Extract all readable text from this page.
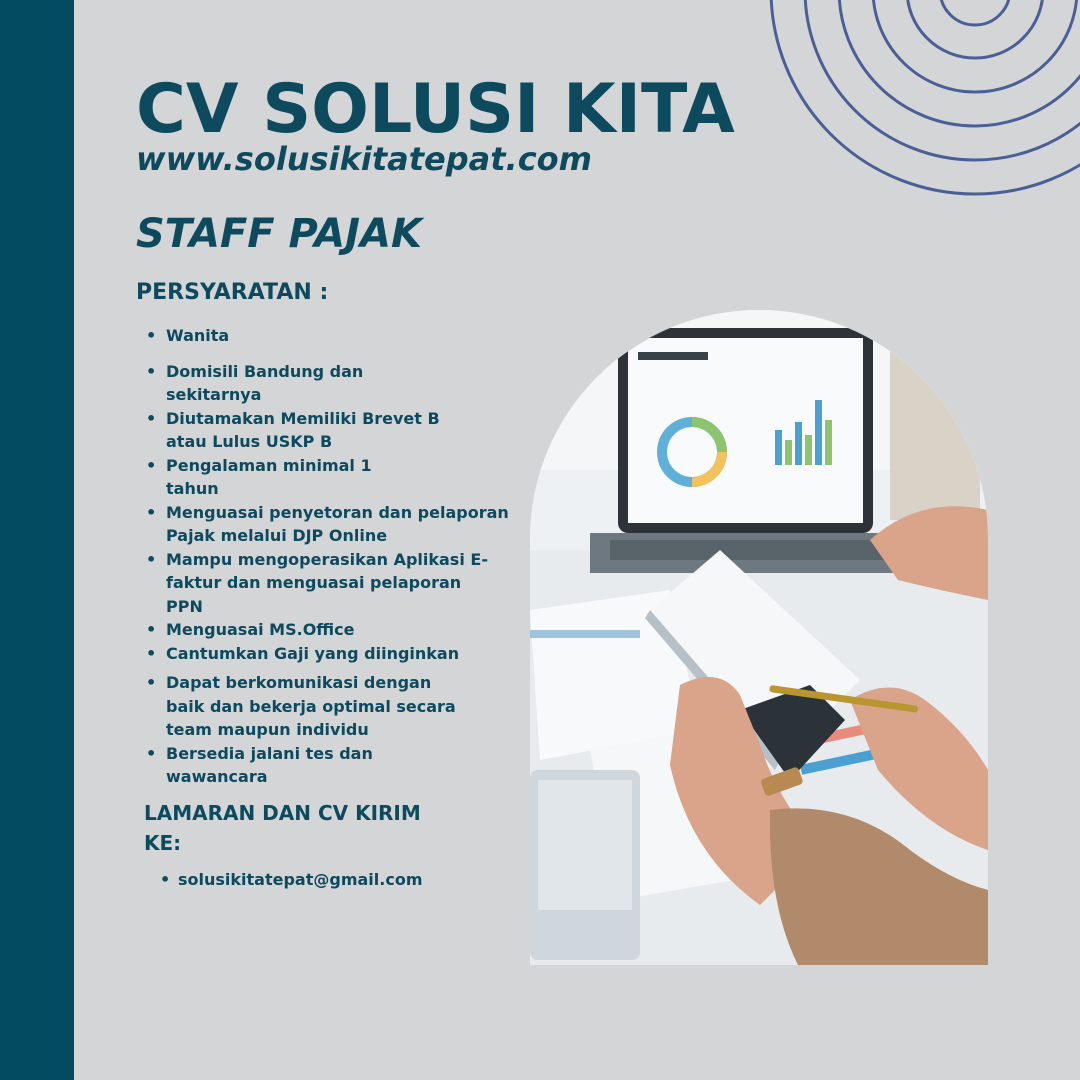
CV SOLUSI KITA
www.solusikitatepat.com
STAFF PAJAK
PERSYARATAN :
• Wanita
• Domisili Bandung dan sekitarnya
• Diutamakan Memiliki Brevet B atau Lulus USKP B
• Pengalaman minimal 1 tahun
• Menguasai penyetoran dan pelaporan Pajak melalui DJP Online
• Mampu mengoperasikan Aplikasi E-faktur dan menguasai pelaporan PPN
• Menguasai MS.Office
• Cantumkan Gaji yang diinginkan
• Dapat berkomunikasi dengan baik dan bekerja optimal secara team maupun individu
• Bersedia jalani tes dan wawancara
LAMARAN DAN CV KIRIM KE:
• solusikitatepat@gmail.com
